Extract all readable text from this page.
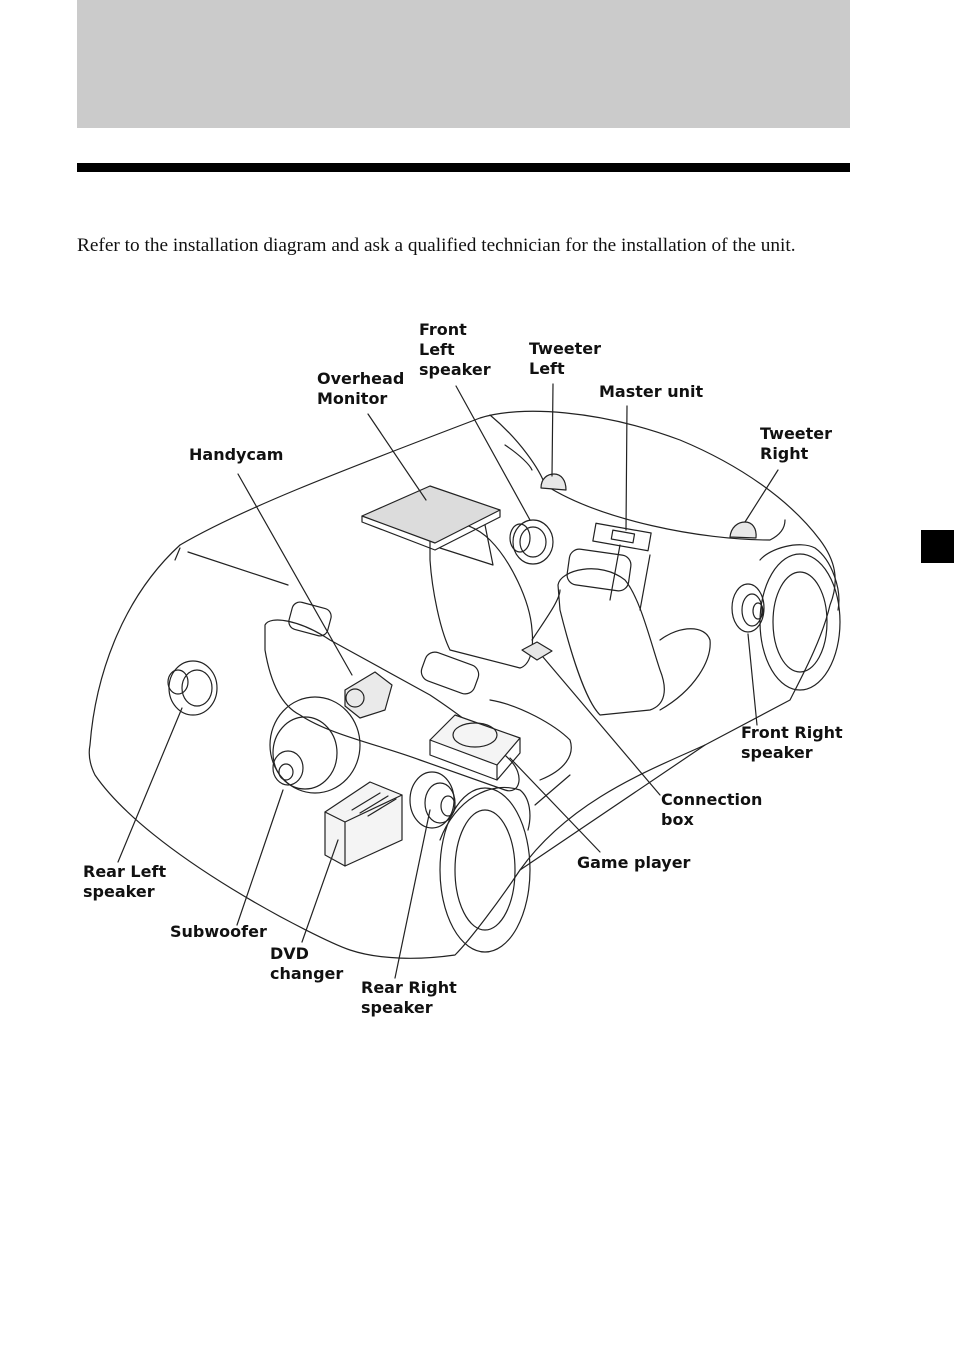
Refer to the installation diagram and ask a qualified technician for the installation of the unit.

Front
Left
speaker
Tweeter
Left
Overhead
Monitor	Master unit
Tweeter
Right
Handycam
Front Right
speaker
Connection
box
Game player
Rear Left
speaker
Subwoofer
DVD
changer
Rear Right
speaker
